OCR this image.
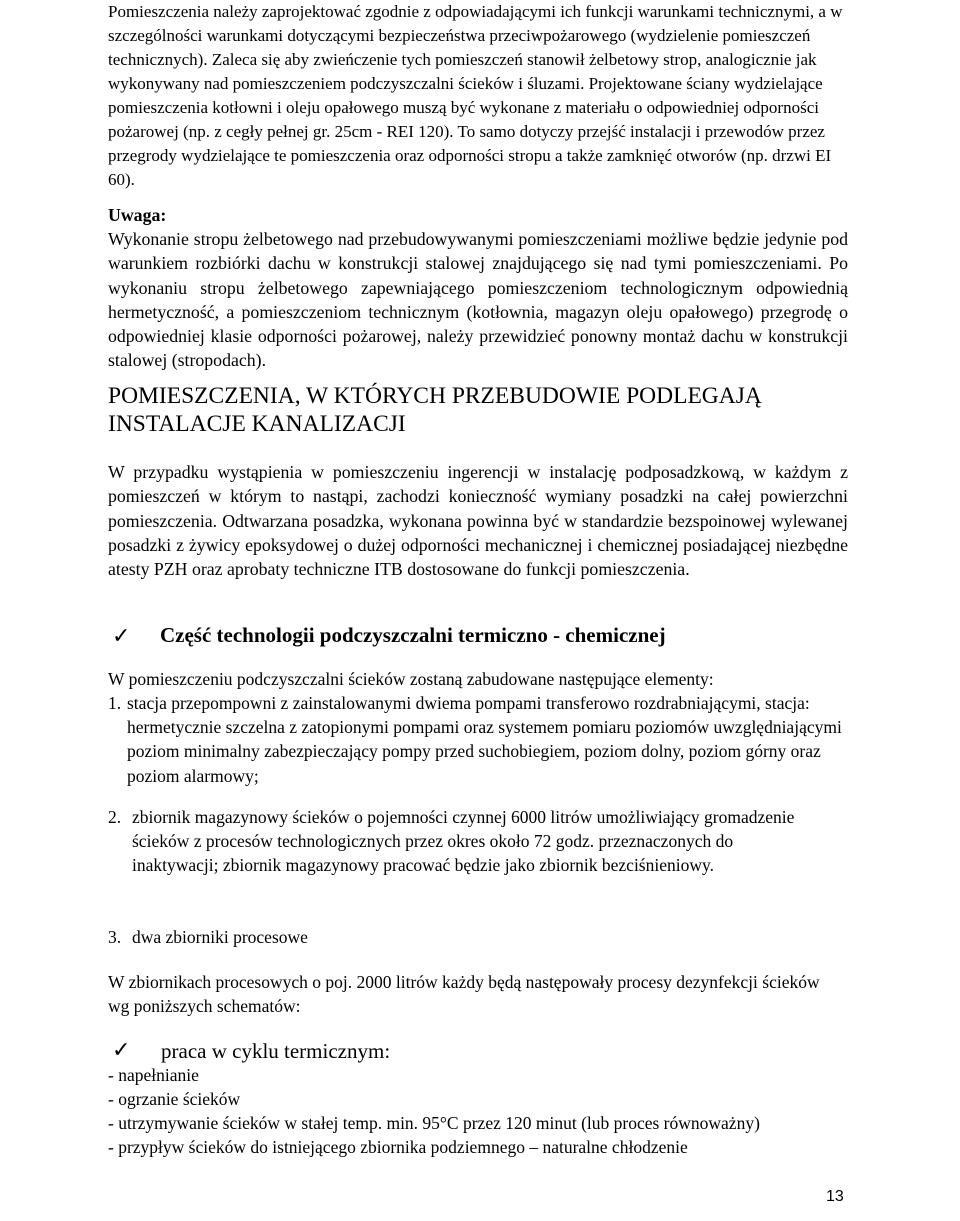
Pomieszczenia należy zaprojektować zgodnie z odpowiadającymi ich funkcji warunkami technicznymi, a w szczególności warunkami dotyczącymi bezpieczeństwa przeciwpożarowego (wydzielenie pomieszczeń technicznych). Zaleca się aby zwieńczenie tych pomieszczeń stanowił żelbetowy strop, analogicznie jak wykonywany nad pomieszczeniem podczyszczalni ścieków i śluzami. Projektowane ściany wydzielające pomieszczenia kotłowni i oleju opałowego muszą być wykonane z materiału o odpowiedniej odporności pożarowej (np. z cegły pełnej gr. 25cm - REI 120). To samo dotyczy przejść instalacji i przewodów przez przegrody wydzielające te pomieszczenia oraz odporności stropu a także zamknięć otworów (np. drzwi EI 60).

Uwaga:
Wykonanie stropu żelbetowego nad przebudowywanymi pomieszczeniami możliwe będzie jedynie pod warunkiem rozbiórki dachu w konstrukcji stalowej znajdującego się nad tymi pomieszczeniami. Po wykonaniu stropu żelbetowego zapewniającego pomieszczeniom technologicznym odpowiednią hermetyczność, a pomieszczeniom technicznym (kotłownia, magazyn oleju opałowego) przegrodę o odpowiedniej klasie odporności pożarowej, należy przewidzieć ponowny montaż dachu w konstrukcji stalowej (stropodach).

POMIESZCZENIA, W KTÓRYCH PRZEBUDOWIE PODLEGAJĄ INSTALACJE KANALIZACJI

W przypadku wystąpienia w pomieszczeniu ingerencji w instalację podposadzkową, w każdym z pomieszczeń w którym to nastąpi, zachodzi konieczność wymiany posadzki na całej powierzchni pomieszczenia. Odtwarzana posadzka, wykonana powinna być w standardzie bezspoinowej wylewanej posadzki z żywicy epoksydowej o dużej odporności mechanicznej i chemicznej posiadającej niezbędne atesty PZH oraz aprobaty techniczne ITB dostosowane do funkcji pomieszczenia.

✓ Część technologii podczyszczalni termiczno - chemicznej

W pomieszczeniu podczyszczalni ścieków zostaną zabudowane następujące elementy:

1. stacja przepompowni z zainstalowanymi dwiema pompami transferowo rozdrabniającymi, stacja: hermetycznie szczelna z zatopionymi pompami oraz systemem pomiaru poziomów uwzględniającymi poziom minimalny zabezpieczający pompy przed suchobiegiem, poziom dolny, poziom górny oraz poziom alarmowy;
2. zbiornik magazynowy ścieków o pojemności czynnej 6000 litrów umożliwiający gromadzenie ścieków z procesów technologicznych przez okres około 72 godz. przeznaczonych do inaktywacji; zbiornik magazynowy pracować będzie jako zbiornik bezciśnieniowy.
3. dwa zbiorniki procesowe

W zbiornikach procesowych o poj. 2000 litrów każdy będą następowały procesy dezynfekcji ścieków wg poniższych schematów:

✓ praca w cyklu termicznym:
- napełnianie
- ogrzanie ścieków
- utrzymywanie ścieków w stałej temp. min. 95°C przez 120 minut (lub proces równoważny)
- przypływ ścieków do istniejącego zbiornika podziemnego – naturalne chłodzenie
13
